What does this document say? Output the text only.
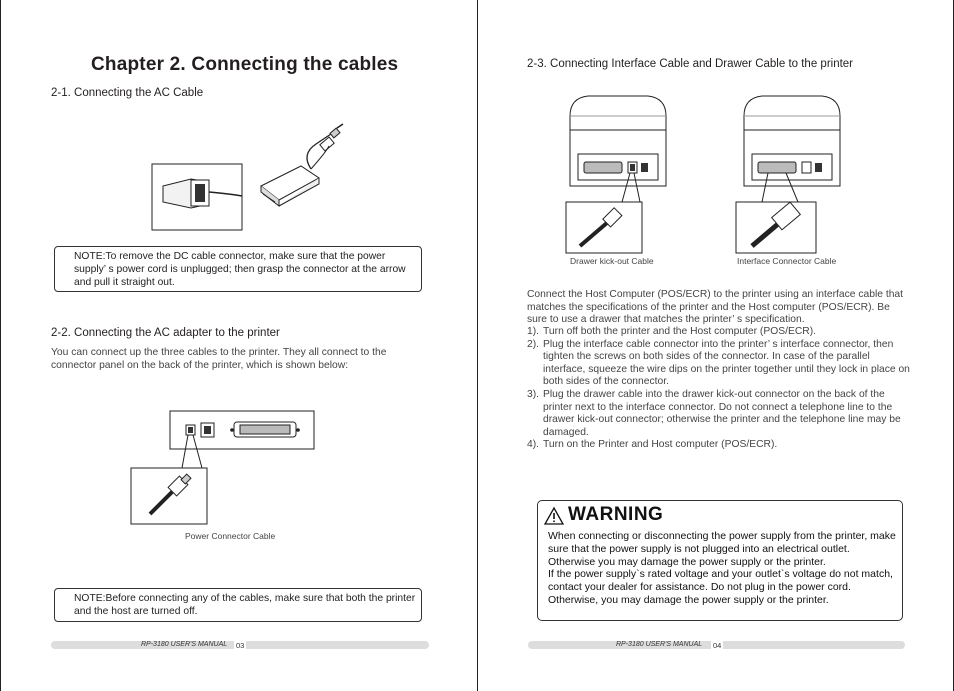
Chapter 2. Connecting the cables
2-1. Connecting the AC Cable
NOTE:To remove the DC cable connector, make sure that the power supply’ s power cord is unplugged; then grasp the connector at the arrow and pull it straight out.
2-2. Connecting the AC adapter to the printer
You can connect up the three cables to the printer. They all connect to the connector panel on the back of the printer, which is shown below:
Power Connector Cable
NOTE:Before connecting any of the cables, make sure that both the printer and the host are turned off.
RP-3180 USER'S MANUAL 03
2-3. Connecting Interface Cable and Drawer Cable to the printer
Drawer kick-out Cable	Interface Connector Cable
Connect the Host Computer (POS/ECR) to the printer using an interface cable that matches the specifications of the printer and the Host computer (POS/ECR). Be sure to use a drawer that matches the printer’ s specification.
1). Turn off both the printer and the Host computer (POS/ECR).
2). Plug the interface cable connector into the printer’ s interface connector, then tighten the screws on both sides of the connector. In case of the parallel interface, squeeze the wire dips on the printer together until they lock in place on both sides of the connector.
3). Plug the drawer cable into the drawer kick-out connector on the back of the printer next to the interface connector. Do not connect a telephone line to the drawer kick-out connector; otherwise the printer and the telephone line may be damaged.
4). Turn on the Printer and Host computer (POS/ECR).
WARNING
When connecting or disconnecting the power supply from the printer, make sure that the power supply is not plugged into an electrical outlet. Otherwise you may damage the power supply or the printer.
If the power supply`s rated voltage and your outlet`s voltage do not match, contact your dealer for assistance. Do not plug in the power cord. Otherwise, you may damage the power supply or the printer.
RP-3180 USER'S MANUAL 04
